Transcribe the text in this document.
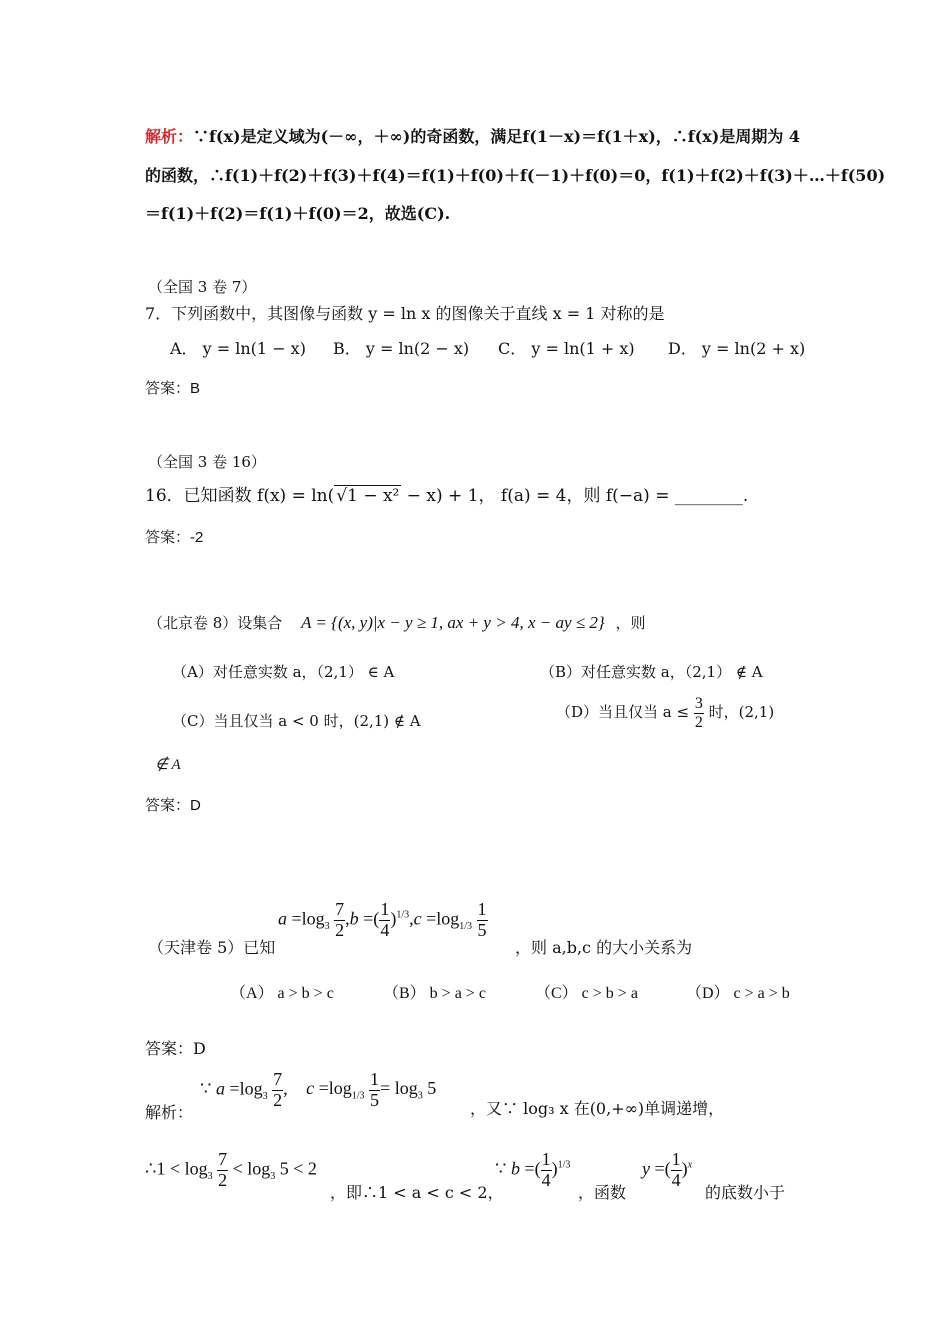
解析：∵f(x)是定义域为(－∞，＋∞)的奇函数，满足f(1－x)＝f(1＋x)，∴f(x)是周期为 4
的函数，∴f(1)＋f(2)＋f(3)＋f(4)＝f(1)＋f(0)＋f(－1)＋f(0)＝0，f(1)＋f(2)＋f(3)＋…＋f(50)
＝f(1)＋f(2)＝f(1)＋f(0)＝2，故选(C).
（全国 3 卷 7）
7．下列函数中，其图像与函数 y = ln x 的图像关于直线 x = 1 对称的是
A． y = ln(1 − x) B． y = ln(2 − x) C． y = ln(1 + x) D． y = ln(2 + x)
答案：B
（全国 3 卷 16）
16．已知函数 f(x) = ln( √1 − x² − x) + 1， f(a) = 4，则 f(−a) = ________.
答案：-2
（北京卷 8）设集合 A = {(x, y)|x − y ≥ 1, ax + y > 4, x − ay ≤ 2} ，则
（A）对任意实数 a，（2,1） ∈ A	（B）对任意实数 a，（2,1） ∉ A
（C）当且仅当 a < 0 时，(2,1) ∉ A	（D）当且仅当 $a \le \frac{3}{2}$ 时，(2,1)
∉ A
答案：D
（天津卷 5）已知
$a =\log_3 \frac{7}{2} ,b$ =( $\frac{1}{4} )^{1/3},c =\log_{1/3} \frac{1}{5}$
，则 a,b,c 的大小关系为
（A） a > b > c	（B） b > a > c	（C） c > b > a	（D） c > a > b
答案：D
解析：
∵ $a =\log_3 \frac{7}{2}$ , $c =\log_{1/3} \frac{1}{5} = \log_3 5$
，又∵ log₃ x 在(0,+∞)单调递增，
∴1 < $\log_3 \frac{7}{2} < \log_3 5 < 2$
，即∴1 < a < c < 2，
∵ b =( $\frac{1}{4} )^{1/3}$
，函数
y =( $\frac{1}{4} )^x$
的底数小于
